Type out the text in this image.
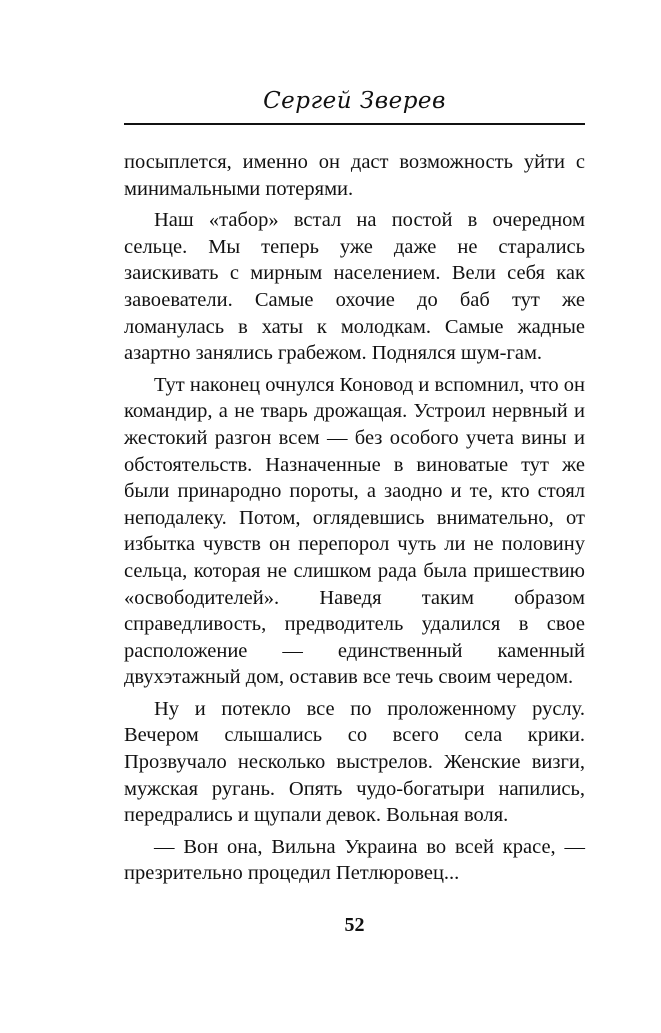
Сергей Зверев

посыплется, именно он даст возможность уйти с минимальными потерями.

Наш «табор» встал на постой в очередном сельце. Мы теперь уже даже не старались заискивать с мирным населением. Вели себя как завоеватели. Самые охочие до баб тут же ломанулась в хаты к молодкам. Самые жадные азартно занялись грабежом. Поднялся шум-гам.

Тут наконец очнулся Коновод и вспомнил, что он командир, а не тварь дрожащая. Устроил нервный и жестокий разгон всем — без особого учета вины и обстоятельств. Назначенные в виноватые тут же были принародно пороты, а заодно и те, кто стоял неподалеку. Потом, оглядевшись внимательно, от избытка чувств он перепорол чуть ли не половину сельца, которая не слишком рада была пришествию «освободителей». Наведя таким образом справедливость, предводитель удалился в свое расположение — единственный каменный двухэтажный дом, оставив все течь своим чередом.

Ну и потекло все по проложенному руслу. Вечером слышались со всего села крики. Прозвучало несколько выстрелов. Женские визги, мужская ругань. Опять чудо-богатыри напились, передрались и щупали девок. Вольная воля.

— Вон она, Вильна Украина во всей красе, — презрительно процедил Петлюровец...

52
